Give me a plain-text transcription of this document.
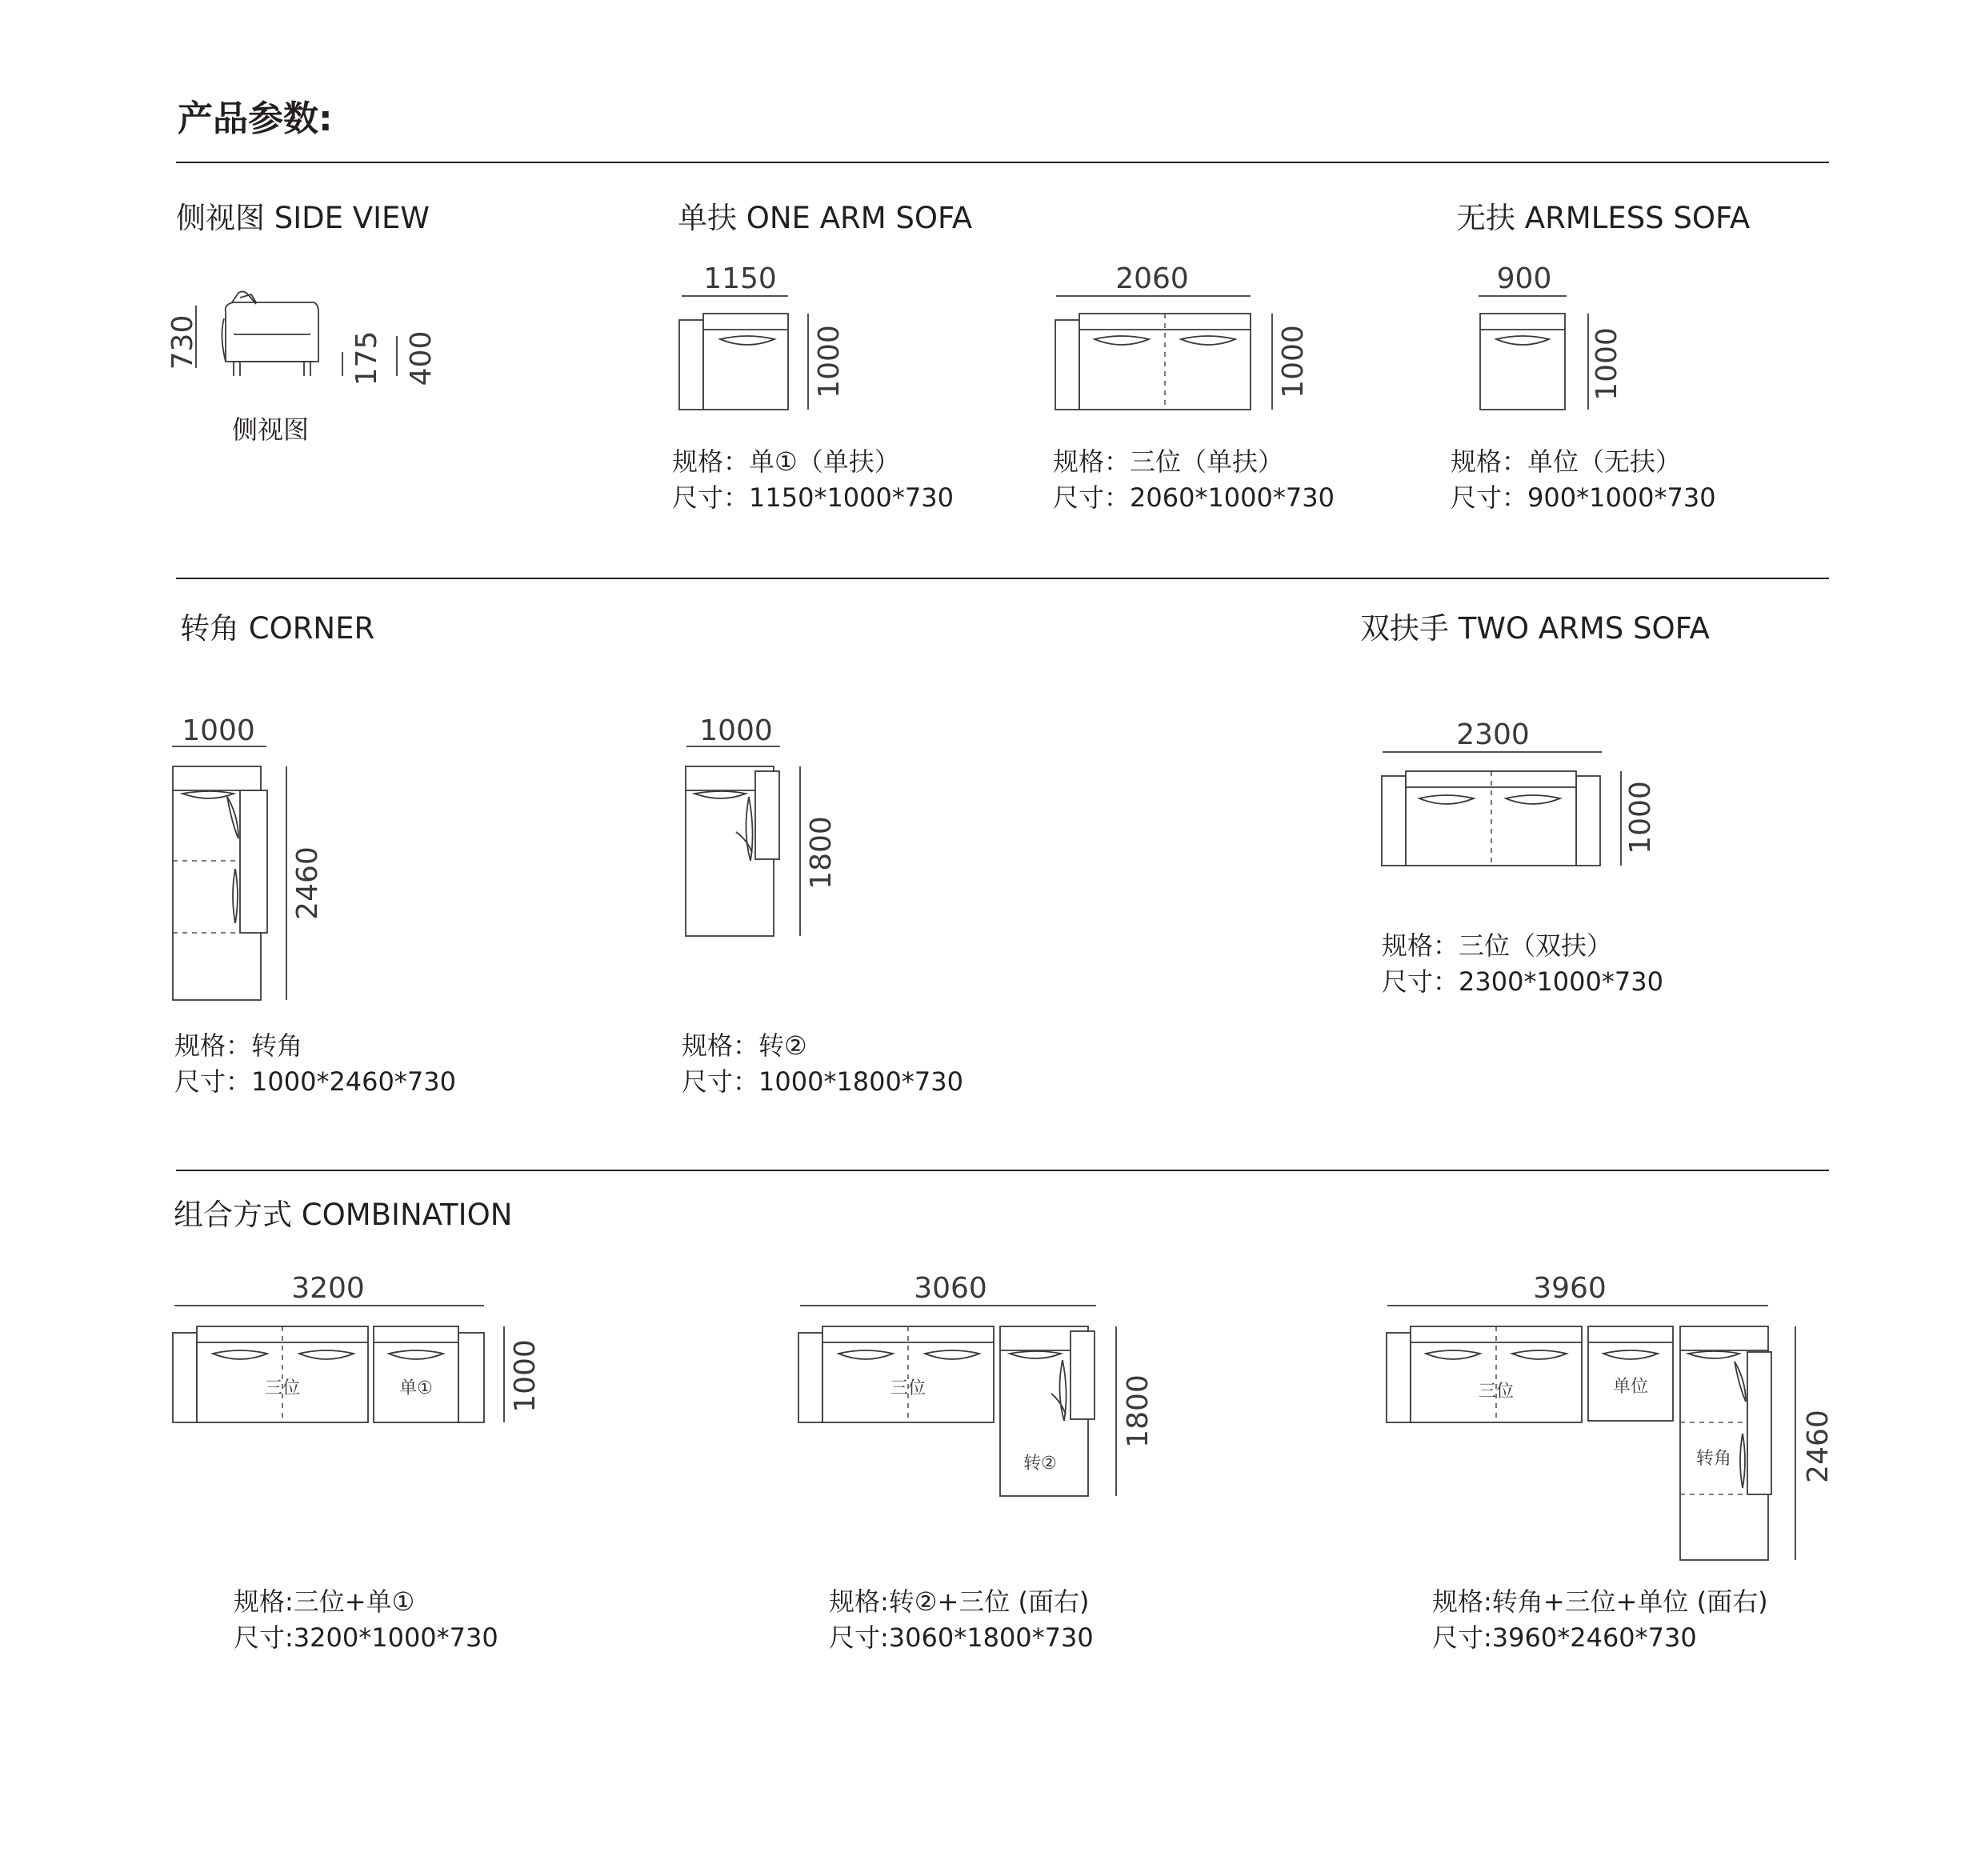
产品参数:
侧视图 SIDE VIEW	单扶 ONE ARM SOFA	无扶 ARMLESS SOFA
转角 CORNER	双扶手 TWO ARMS SOFA
组合方式 COMBINATION
侧视图
规格：单①（单扶）
尺寸：1150*1000*730
规格：三位（单扶）
尺寸：2060*1000*730
规格：单位（无扶）
尺寸：900*1000*730
规格：转角
尺寸：1000*2460*730
规格：转②
尺寸：1000*1800*730
规格：三位（双扶）
尺寸：2300*1000*730
规格:三位+单①
尺寸:3200*1000*730
规格:转②+三位 (面右)
尺寸:3060*1800*730
规格:转角+三位+单位 (面右)
尺寸:3960*2460*730
730	175 400
1150
1000
2060
1000
900
1000
1000
2460
1000
1800
2300
1000
3200
三位	单①	1000
3060
三位
转②
1800
3960
三位	单位
转角 2460
